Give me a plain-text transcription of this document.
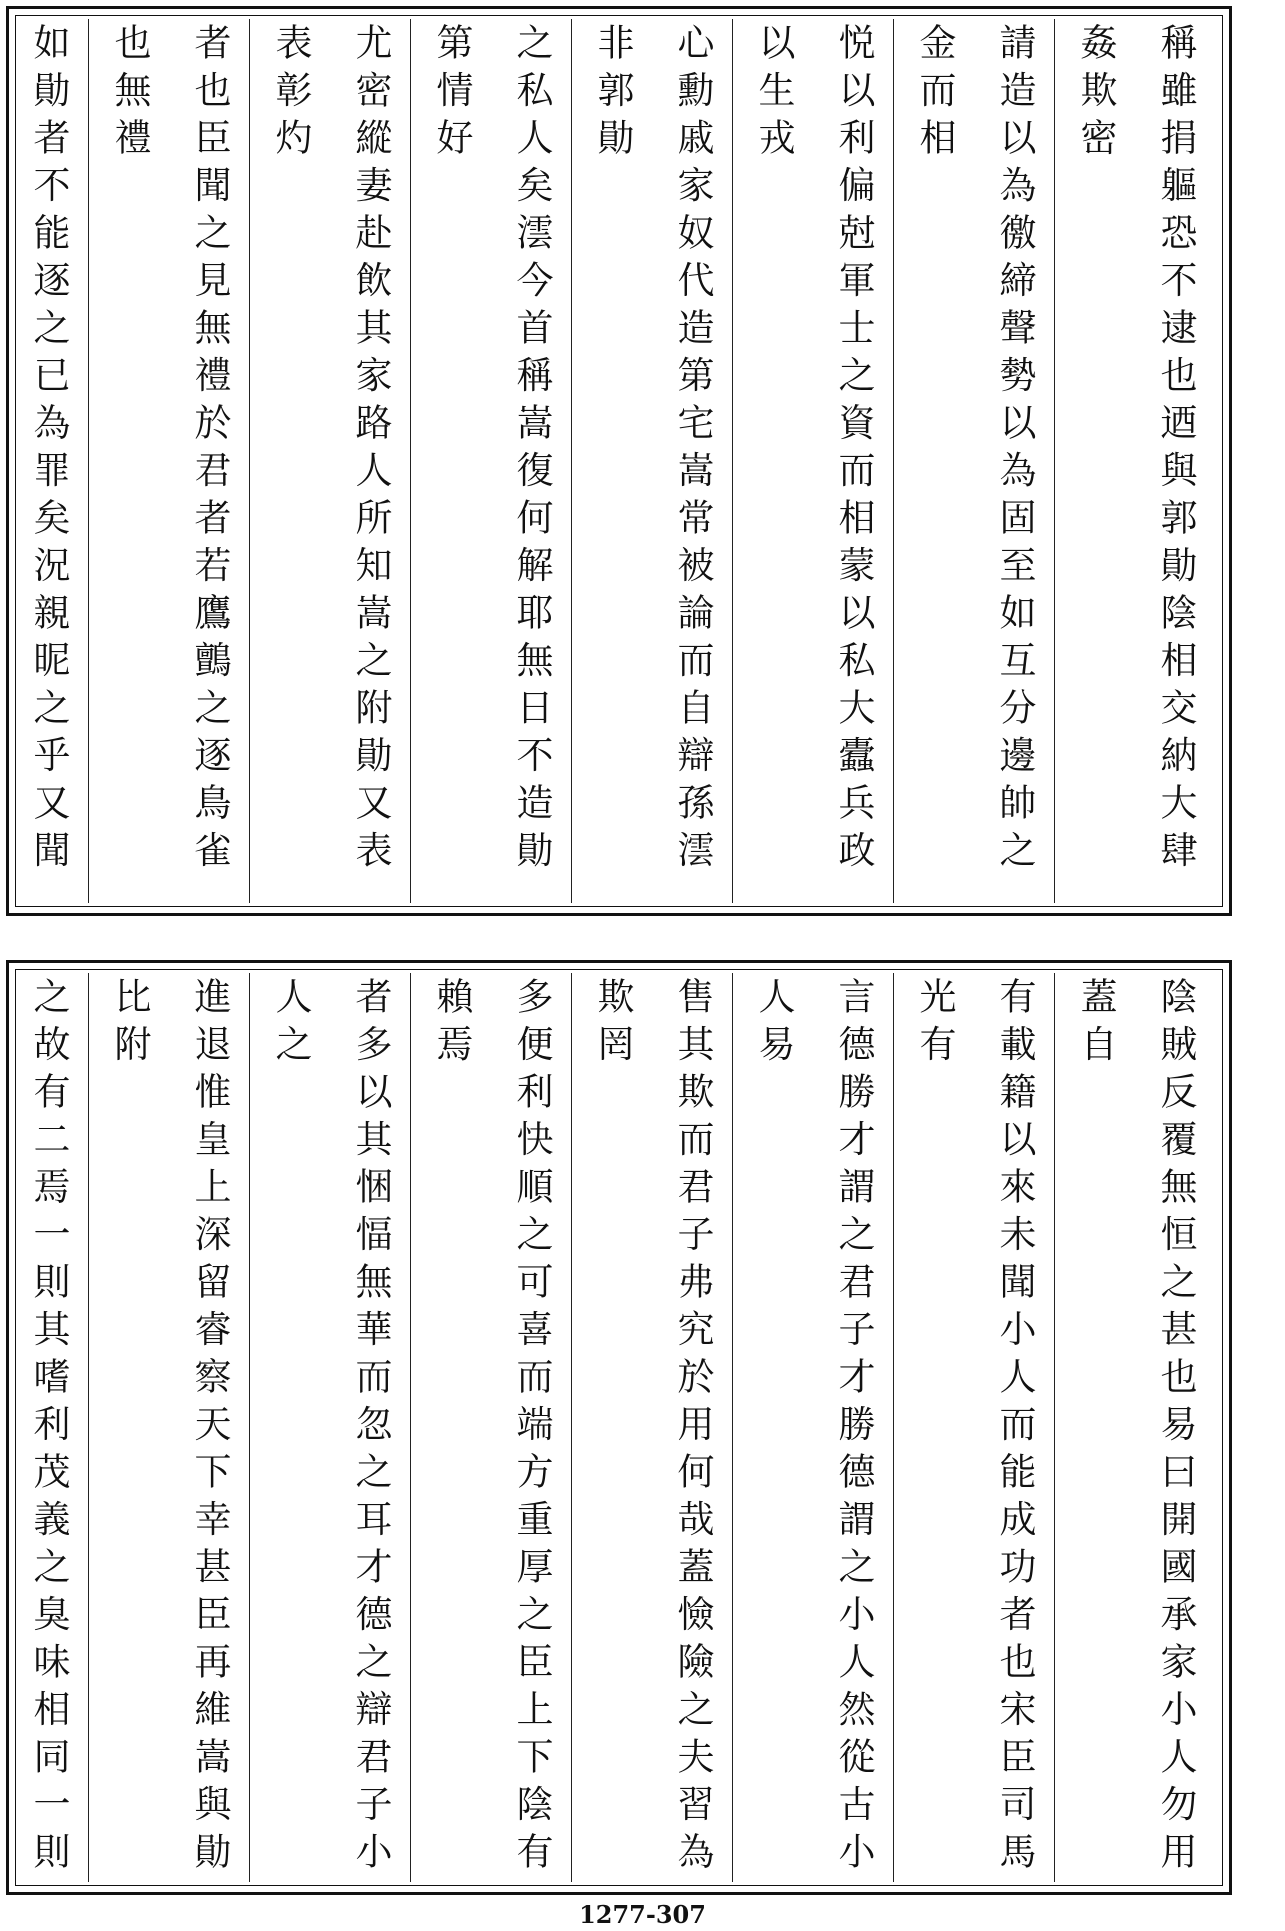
稱雖捐軀恐不逮也迺與郭勛陰相交納大肆姦欺密
請造以為徼締聲勢以為固至如互分邊帥之金而相
悦以利偏尅軍士之資而相蒙以私大蠹兵政以生戎
心勳戚家奴代造第宅嵩常被論而自辯孫澐非郭勛
之私人矣澐今首稱嵩復何解耶無日不造勛第情好
尤密縱妻赴飲其家路人所知嵩之附勛又表表彰灼
者也臣聞之見無禮於君者若鷹鸇之逐鳥雀也無禮
如勛者不能逐之已為罪矣況親昵之乎又聞
陰賊反覆無恒之甚也易曰開國承家小人勿用蓋自
有載籍以來未聞小人而能成功者也宋臣司馬光有
言德勝才謂之君子才勝德謂之小人然從古小人易
售其欺而君子弗究於用何哉蓋憸險之夫習為欺罔
多便利快順之可喜而端方重厚之臣上下陰有賴焉
者多以其悃愊無華而忽之耳才德之辯君子小人之
進退惟皇上深留睿察天下幸甚臣再維嵩與勛比附
之故有二焉一則其嗜利茂義之臭味相同一則
1277-307
